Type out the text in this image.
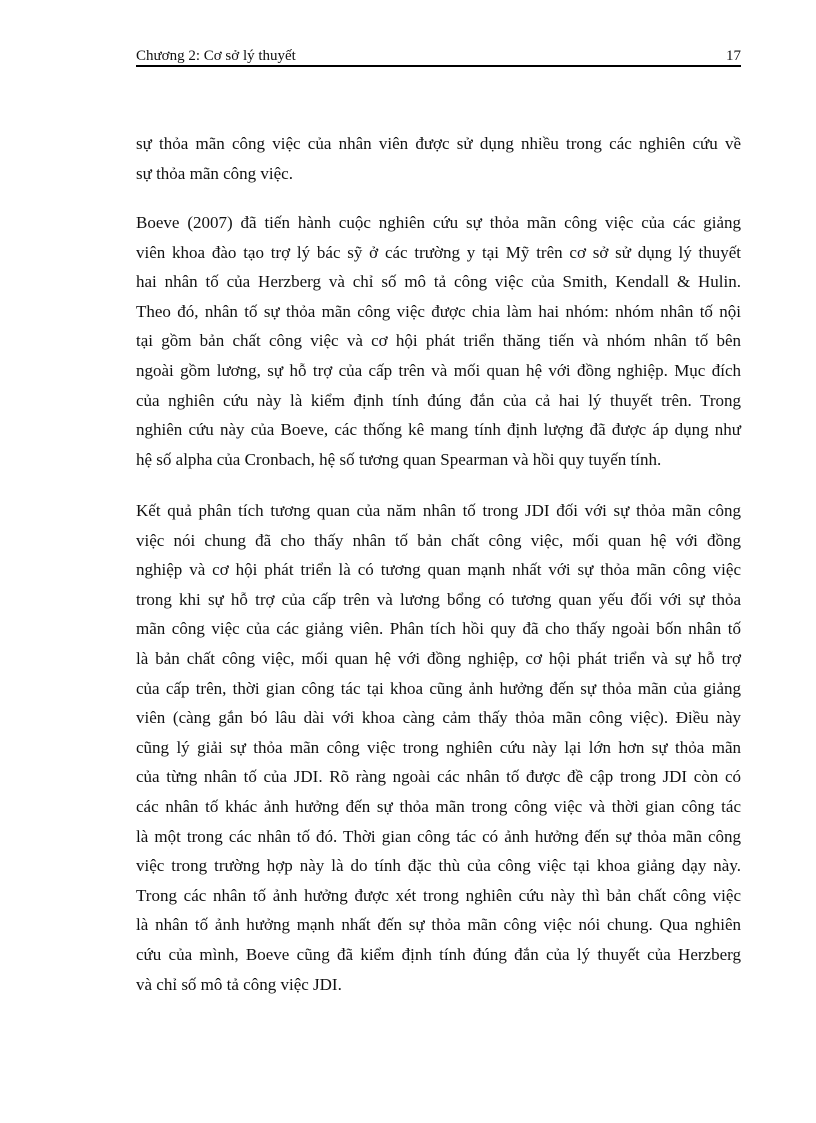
Chương 2: Cơ sở lý thuyết	17
sự thỏa mãn công việc của nhân viên được sử dụng nhiều trong các nghiên cứu về
sự thỏa mãn công việc.
Boeve (2007) đã tiến hành cuộc nghiên cứu sự thỏa mãn công việc của các giảng
viên khoa đào tạo trợ lý bác sỹ ở các trường y tại Mỹ trên cơ sở sử dụng lý thuyết
hai nhân tố của Herzberg và chỉ số mô tả công việc của Smith, Kendall & Hulin.
Theo đó, nhân tố sự thỏa mãn công việc được chia làm hai nhóm: nhóm nhân tố nội
tại gồm bản chất công việc và cơ hội phát triển thăng tiến và nhóm nhân tố bên
ngoài gồm lương, sự hỗ trợ của cấp trên và mối quan hệ với đồng nghiệp. Mục đích
của nghiên cứu này là kiểm định tính đúng đắn của cả hai lý thuyết trên. Trong
nghiên cứu này của Boeve, các thống kê mang tính định lượng đã được áp dụng như
hệ số alpha của Cronbach, hệ số tương quan Spearman và hồi quy tuyến tính.
Kết quả phân tích tương quan của năm nhân tố trong JDI đối với sự thỏa mãn công
việc nói chung đã cho thấy nhân tố bản chất công việc, mối quan hệ với đồng
nghiệp và cơ hội phát triển là có tương quan mạnh nhất với sự thỏa mãn công việc
trong khi sự hỗ trợ của cấp trên và lương bổng có tương quan yếu đối với sự thỏa
mãn công việc của các giảng viên. Phân tích hồi quy đã cho thấy ngoài bốn nhân tố
là bản chất công việc, mối quan hệ với đồng nghiệp, cơ hội phát triển và sự hỗ trợ
của cấp trên, thời gian công tác tại khoa cũng ảnh hưởng đến sự thỏa mãn của giảng
viên (càng gắn bó lâu dài với khoa càng cảm thấy thỏa mãn công việc). Điều này
cũng lý giải sự thỏa mãn công việc trong nghiên cứu này lại lớn hơn sự thỏa mãn
của từng nhân tố của JDI. Rõ ràng ngoài các nhân tố được đề cập trong JDI còn có
các nhân tố khác ảnh hưởng đến sự thỏa mãn trong công việc và thời gian công tác
là một trong các nhân tố đó. Thời gian công tác có ảnh hưởng đến sự thỏa mãn công
việc trong trường hợp này là do tính đặc thù của công việc tại khoa giảng dạy này.
Trong các nhân tố ảnh hưởng được xét trong nghiên cứu này thì bản chất công việc
là nhân tố ảnh hưởng mạnh nhất đến sự thỏa mãn công việc nói chung. Qua nghiên
cứu của mình, Boeve cũng đã kiểm định tính đúng đắn của lý thuyết của Herzberg
và chỉ số mô tả công việc JDI.
